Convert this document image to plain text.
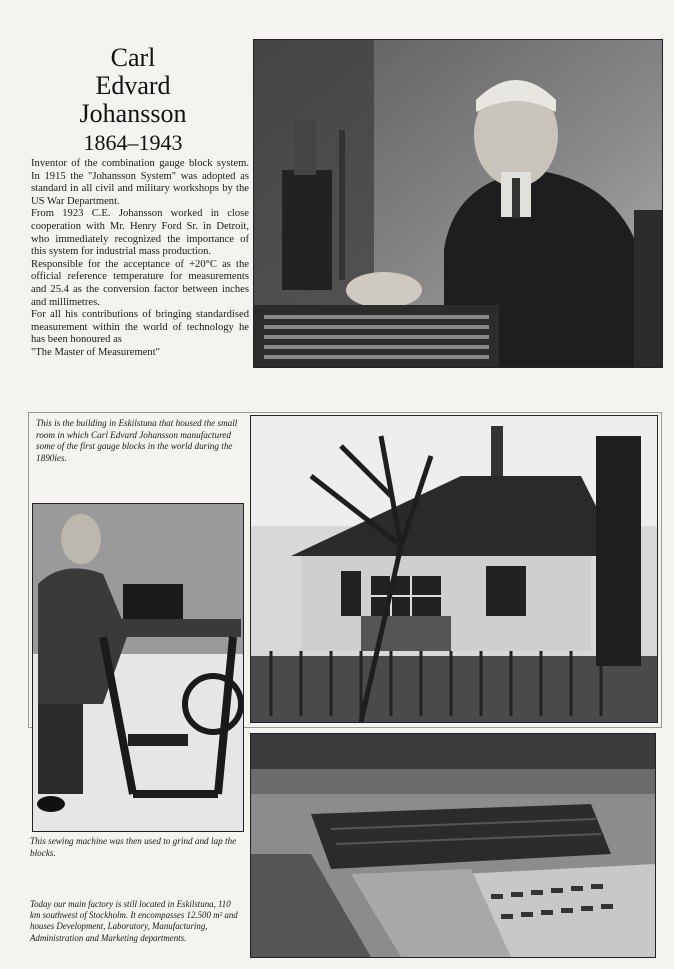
Carl
Edvard
Johansson
1864–1943

Inventor of the combination gauge block system. In 1915 the "Johansson System" was adopted as standard in all civil and military workshops by the US War Department.

From 1923 C.E. Johansson worked in close cooperation with Mr. Henry Ford Sr. in Detroit, who immediately recognized the importance of this system for industrial mass production.

Responsible for the acceptance of +20°C as the official reference temperature for measurements and 25.4 as the conversion factor between inches and millimetres.

For all his contributions of bringing standardised measurement within the world of technology he has been honoured as

"The Master of Measurement"

This is the building in Eskilstuna that housed the small room in which Carl Edvard Johansson manufactured some of the first gauge blocks in the world during the 1890ies.
This sewing machine was then used to grind and lap the blocks.
Today our main factory is still located in Eskilstuna, 110 km southwest of Stockholm. It encompasses 12.500 m² and houses Development, Laboratory, Manufacturing, Administration and Marketing departments.
